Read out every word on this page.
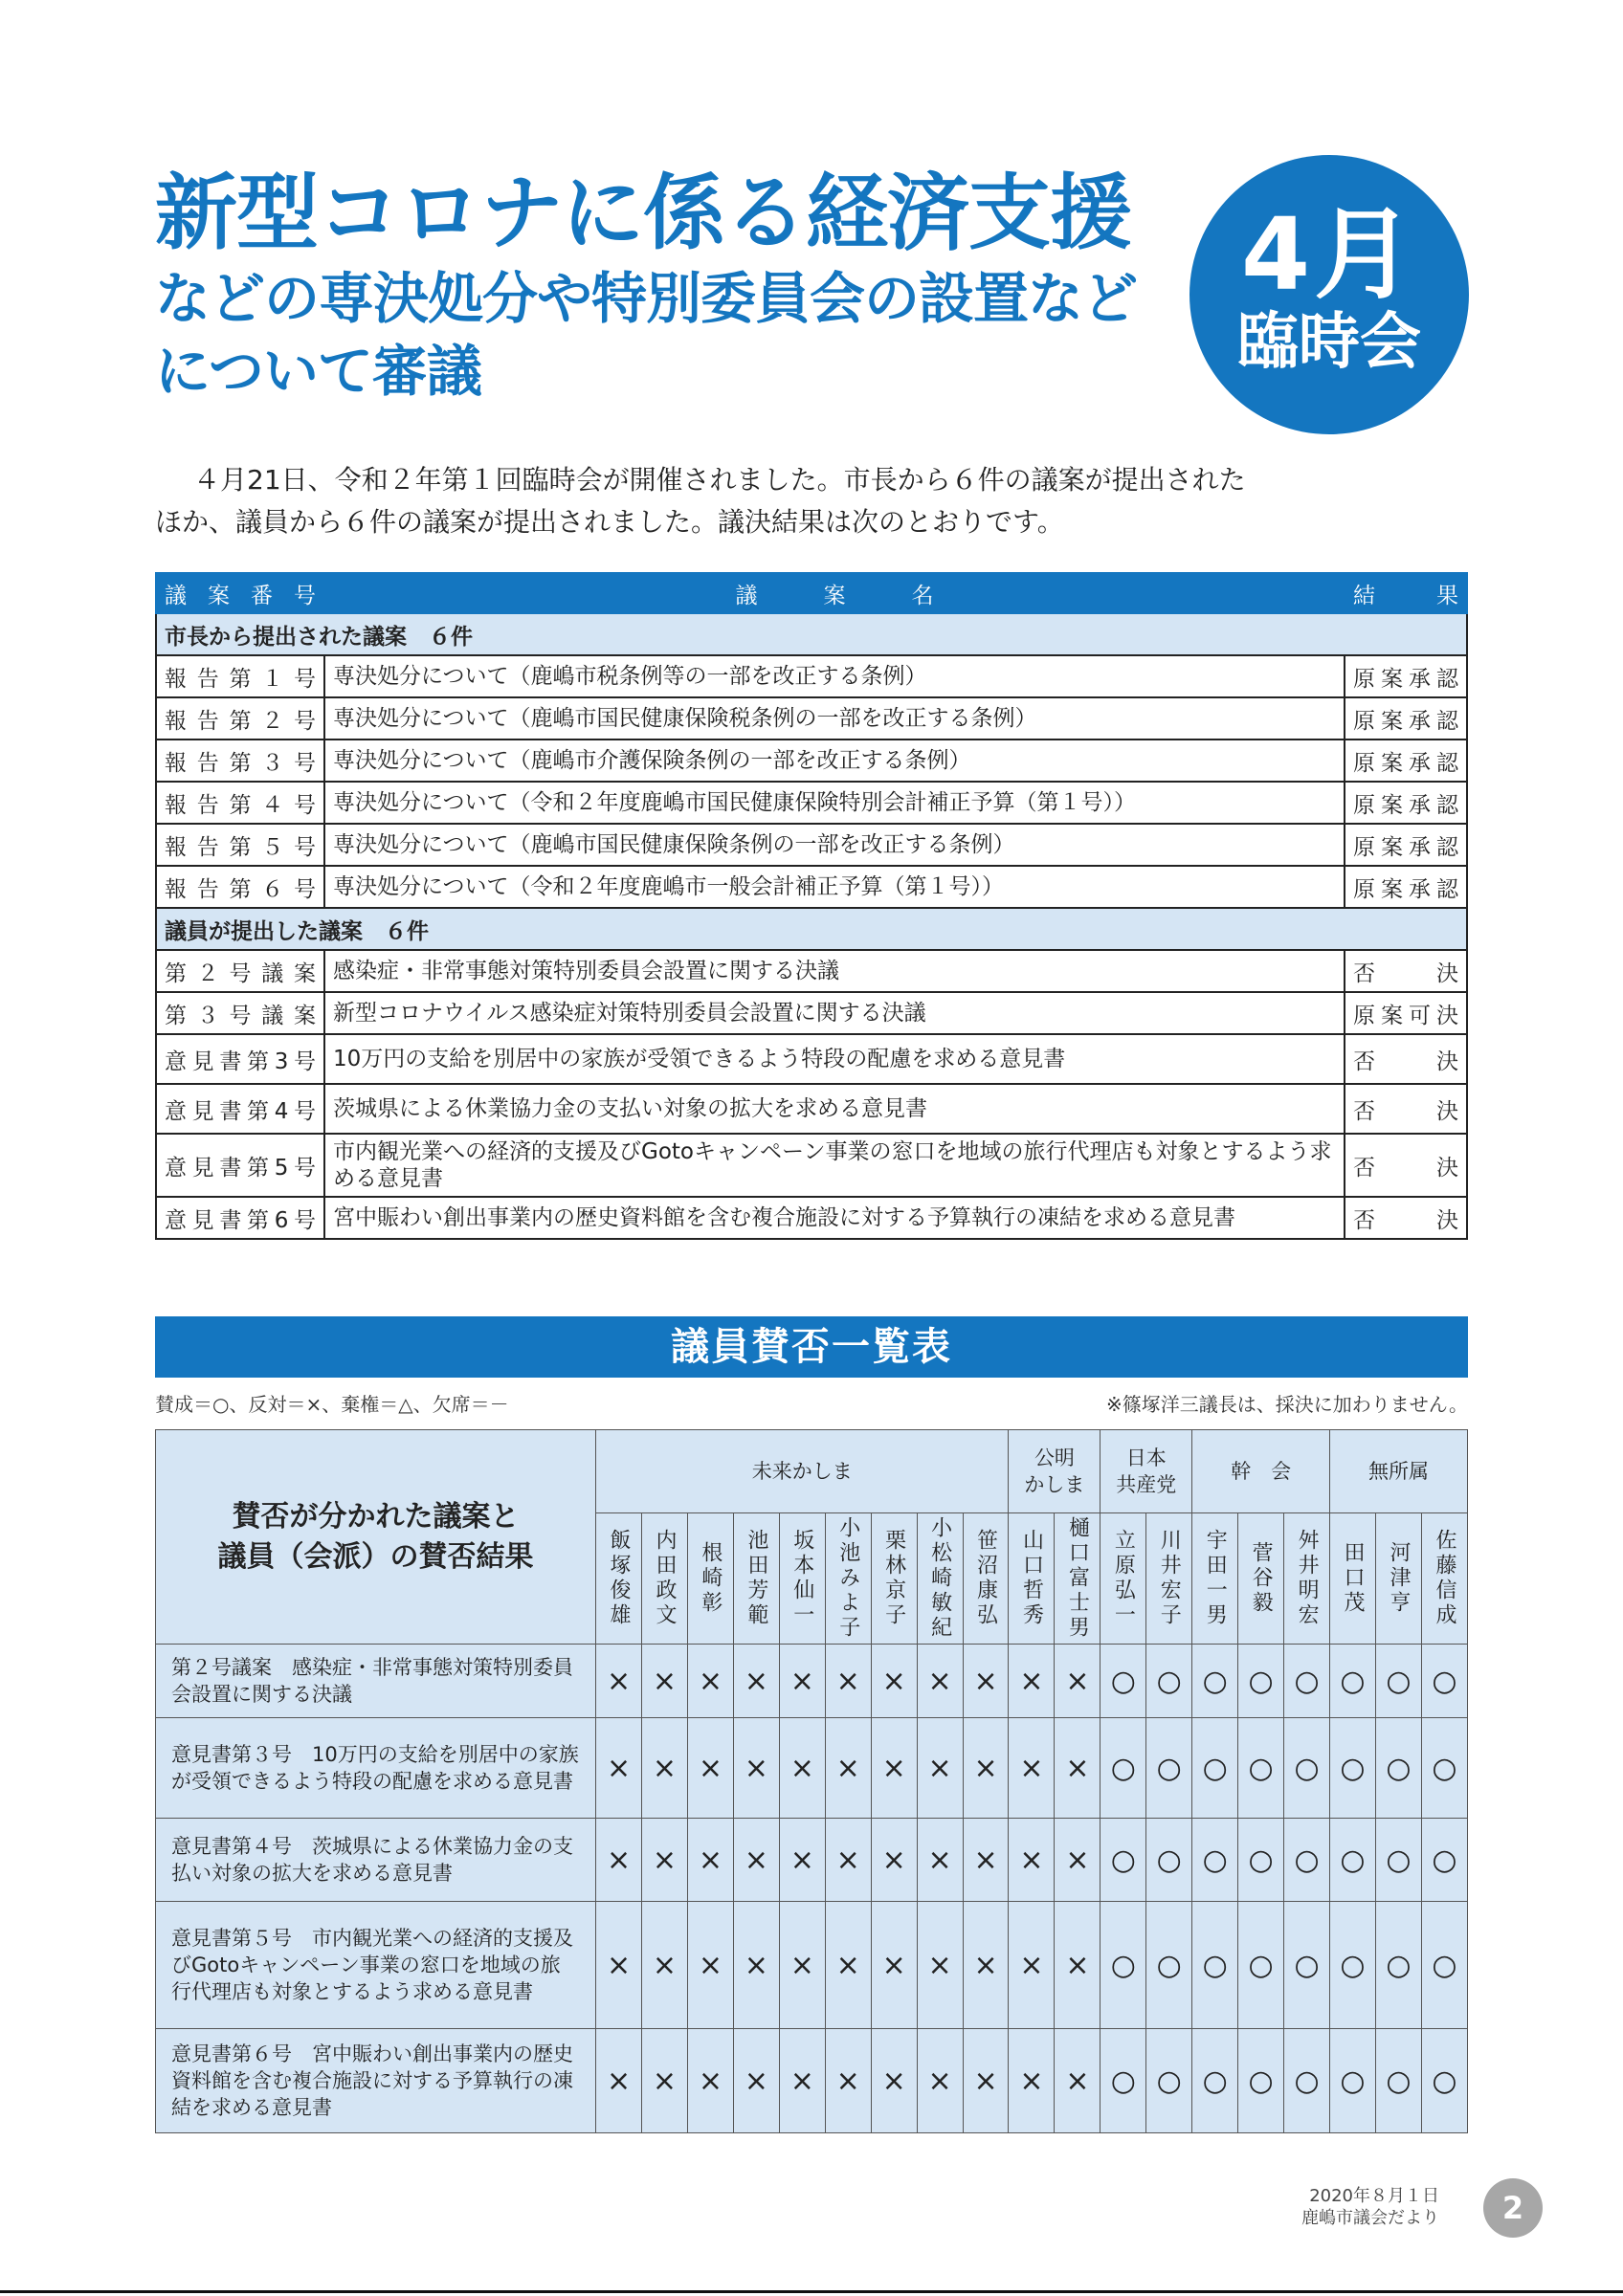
新型コロナに係る経済支援
などの専決処分や特別委員会の設置など
について審議
4月
臨時会

４月21日、令和２年第１回臨時会が開催されました。市長から６件の議案が提出された

ほか、議員から６件の議案が提出されました。議決結果は次のとおりです。

議案番号	議　　　案　　　名	結果
市長から提出された議案　６件		
報告第１号	専決処分について（鹿嶋市税条例等の一部を改正する条例）	原案承認
報告第２号	専決処分について（鹿嶋市国民健康保険税条例の一部を改正する条例）	原案承認
報告第３号	専決処分について（鹿嶋市介護保険条例の一部を改正する条例）	原案承認
報告第４号	専決処分について（令和２年度鹿嶋市国民健康保険特別会計補正予算（第１号））	原案承認
報告第５号	専決処分について（鹿嶋市国民健康保険条例の一部を改正する条例）	原案承認
報告第６号	専決処分について（令和２年度鹿嶋市一般会計補正予算（第１号））	原案承認
議員が提出した議案　６件		
第２号議案	感染症・非常事態対策特別委員会設置に関する決議	否決
第３号議案	新型コロナウイルス感染症対策特別委員会設置に関する決議	原案可決
意見書第3号	10万円の支給を別居中の家族が受領できるよう特段の配慮を求める意見書	否決
意見書第4号	茨城県による休業協力金の支払い対象の拡大を求める意見書	否決
意見書第5号	市内観光業への経済的支援及びGotoキャンペーン事業の窓口を地域の旅行代理店も対象とするよう求める意見書	否決
意見書第6号	宮中賑わい創出事業内の歴史資料館を含む複合施設に対する予算執行の凍結を求める意見書	否決
議員賛否一覧表
賛成＝○、反対＝×、棄権＝△、欠席＝－	※篠塚洋三議長は、採決に加わりません。
賛否が分かれた議案と
議員（会派）の賛否結果	未来かしま									公明
かしま		日本
共産党		幹　会			無所属		
	飯塚俊雄	内田政文	根崎彰	池田芳範	坂本仙一	小池みよ子	栗林京子	小松崎敏紀	笹沼康弘	山口哲秀	樋口富士男	立原弘一	川井宏子	宇田一男	菅谷毅	舛井明宏	田口茂	河津亨	佐藤信成
第２号議案　感染症・非常事態対策特別委員会設置に関する決議	×	×	×	×	×	×	×	×	×	×	×	○	○	○	○	○	○	○	○
意見書第３号　10万円の支給を別居中の家族が受領できるよう特段の配慮を求める意見書	×	×	×	×	×	×	×	×	×	×	×	○	○	○	○	○	○	○	○
意見書第４号　茨城県による休業協力金の支払い対象の拡大を求める意見書	×	×	×	×	×	×	×	×	×	×	×	○	○	○	○	○	○	○	○
意見書第５号　市内観光業への経済的支援及びGotoキャンペーン事業の窓口を地域の旅行代理店も対象とするよう求める意見書	×	×	×	×	×	×	×	×	×	×	×	○	○	○	○	○	○	○	○
意見書第６号　宮中賑わい創出事業内の歴史資料館を含む複合施設に対する予算執行の凍結を求める意見書	×	×	×	×	×	×	×	×	×	×	×	○	○	○	○	○	○	○	○
2020年８月１日
鹿嶋市議会だより	2
